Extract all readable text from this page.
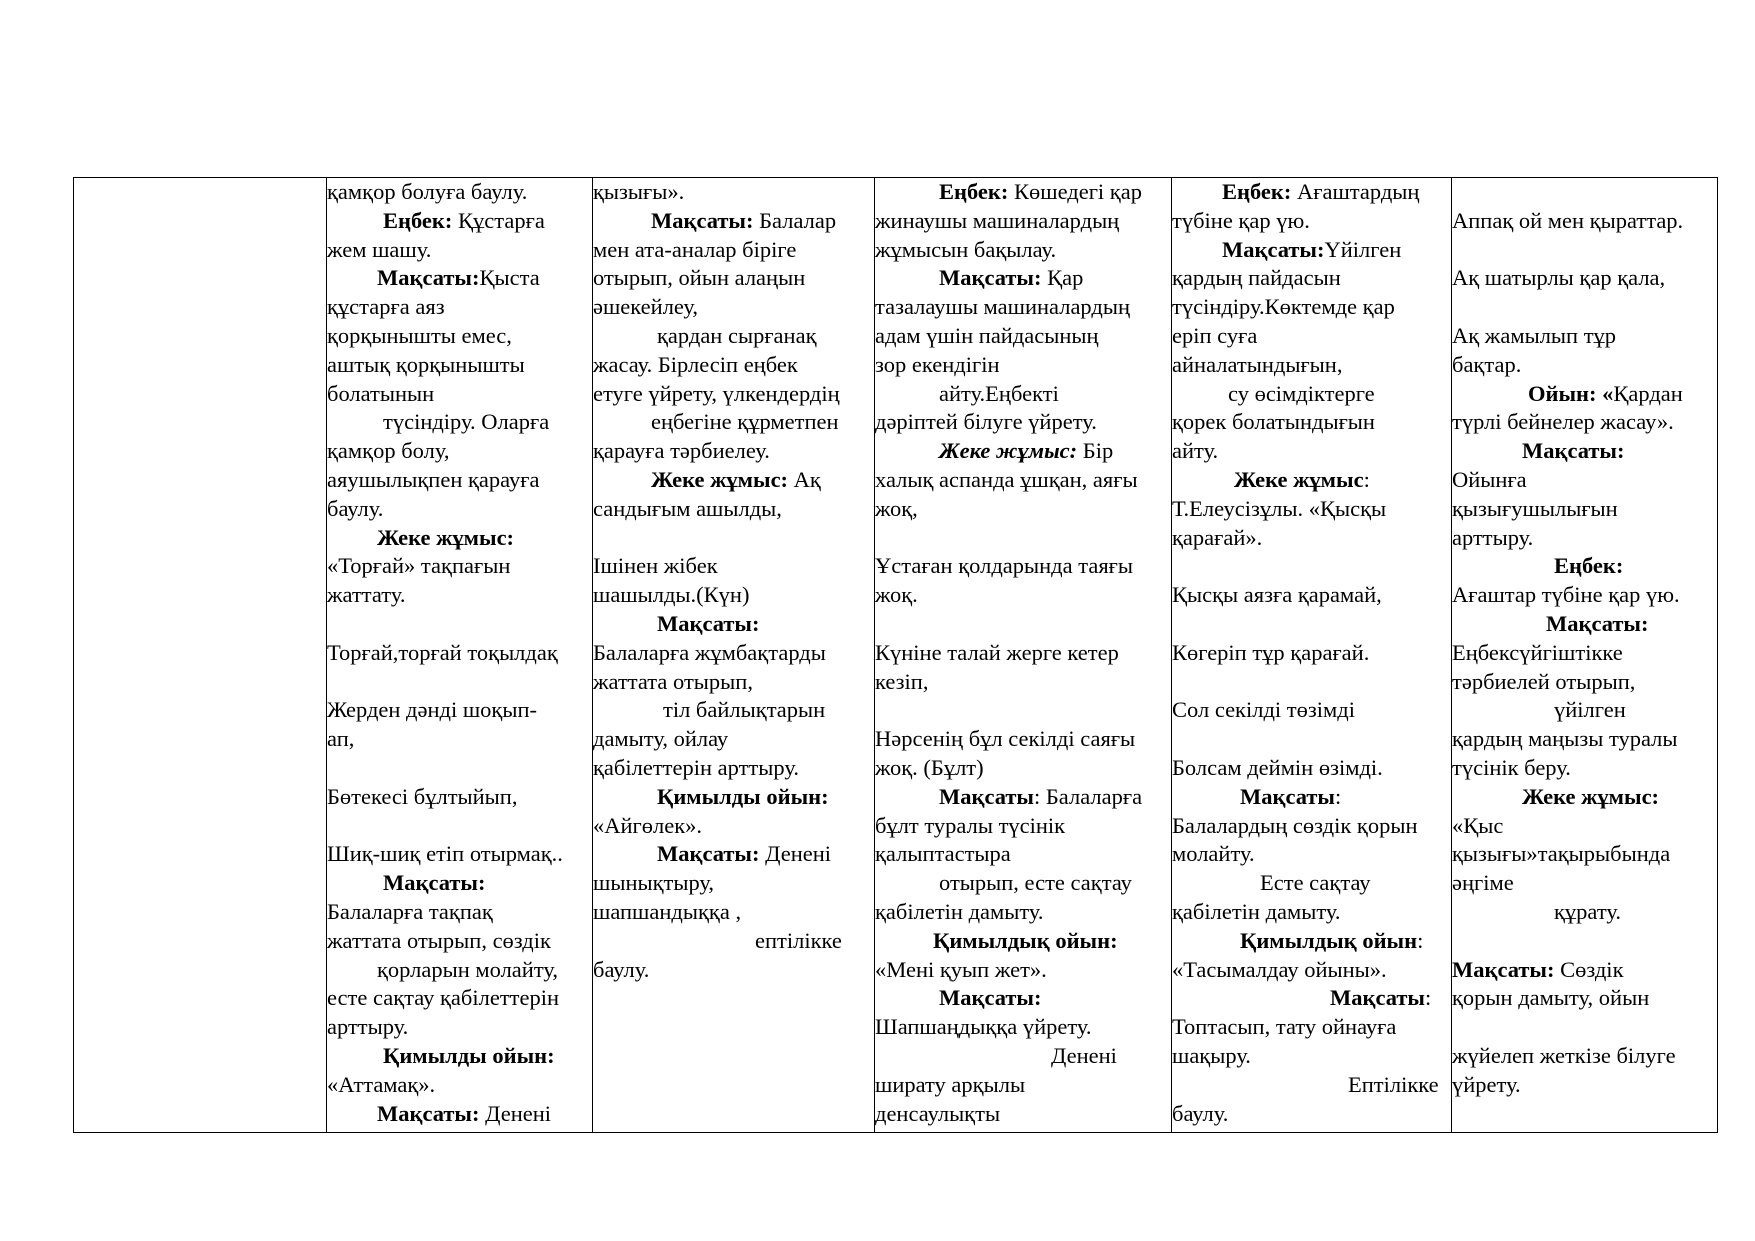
қамқор болуға баулу.
Еңбек: Құстарға
жем шашу.
Мақсаты:Қыста
құстарға аяз
қорқынышты емес,
аштық қорқынышты
болатынын
түсіндіру. Оларға
қамқор болу,
аяушылықпен қарауға
баулу.
Жеке жұмыс:
«Торғай» тақпағын
жаттату.
Торғай,торғай тоқылдақ
Жерден дәнді шоқып-
ап,
Бөтекесі бұлтыйып,
Шиқ-шиқ етіп отырмақ..
Мақсаты:
Балаларға тақпақ
жаттата отырып, сөздік
қорларын молайту,
есте сақтау қабілеттерін
арттыру.
Қимылды ойын:
«Аттамақ».
Мақсаты: Денені
қызығы».
Мақсаты: Балалар
мен ата-аналар біріге
отырып, ойын алаңын
әшекейлеу,
қардан сырғанақ
жасау. Бірлесіп еңбек
етуге үйрету, үлкендердің
еңбегіне құрметпен
қарауға тәрбиелеу.
Жеке жұмыс: Ақ
сандығым ашылды,
Ішінен жібек
шашылды.(Күн)
Мақсаты:
Балаларға жұмбақтарды
жаттата отырып,
тіл байлықтарын
дамыту, ойлау
қабілеттерін арттыру.
Қимылды ойын:
«Айгөлек».
Мақсаты: Денені
шынықтыру,
шапшандыққа ,
ептілікке
баулу.
Еңбек: Көшедегі қар
жинаушы машиналардың
жұмысын бақылау.
Мақсаты: Қар
тазалаушы машиналардың
адам үшін пайдасының
зор екендігін
айту.Еңбекті
дәріптей білуге үйрету.
Жеке жұмыс: Бір
халық аспанда ұшқан, аяғы
жоқ,
Ұстаған қолдарында таяғы
жоқ.
Күніне талай жерге кетер
кезіп,
Нәрсенің бұл секілді саяғы
жоқ. (Бұлт)
Мақсаты: Балаларға
бұлт туралы түсінік
қалыптастыра
отырып, есте сақтау
қабілетін дамыту.
Қимылдық ойын:
«Мені қуып жет».
Мақсаты:
Шапшаңдыққа үйрету.
Денені
ширату арқылы
денсаулықты
Еңбек: Ағаштардың
түбіне қар үю.
Мақсаты:Үйілген
қардың пайдасын
түсіндіру.Көктемде қар
еріп суға
айналатындығын,
су өсімдіктерге
қорек болатындығын
айту.
Жеке жұмыс:
Т.Елеусізұлы. «Қысқы
қарағай».
Қысқы аязға қарамай,
Көгеріп тұр қарағай.
Сол секілді төзімді
Болсам деймін өзімді.
Мақсаты:
Балалардың сөздік қорын
молайту.
Есте сақтау
қабілетін дамыту.
Қимылдық ойын:
«Тасымалдау ойыны».
Мақсаты:
Топтасып, тату ойнауға
шақыру.
Ептілікке
баулу.
Аппақ ой мен қыраттар.
Ақ шатырлы қар қала,
Ақ жамылып тұр
бақтар.
Ойын: «Қардан
түрлі бейнелер жасау».
Мақсаты:
Ойынға
қызығушылығын
арттыру.
Еңбек:
Ағаштар түбіне қар үю.
Мақсаты:
Еңбексүйгіштікке
тәрбиелей отырып,
үйілген
қардың маңызы туралы
түсінік беру.
Жеке жұмыс:
«Қыс
қызығы»тақырыбында
әңгіме
құрату.
Мақсаты: Сөздік
қорын дамыту, ойын
жүйелеп жеткізе білуге
үйрету.
